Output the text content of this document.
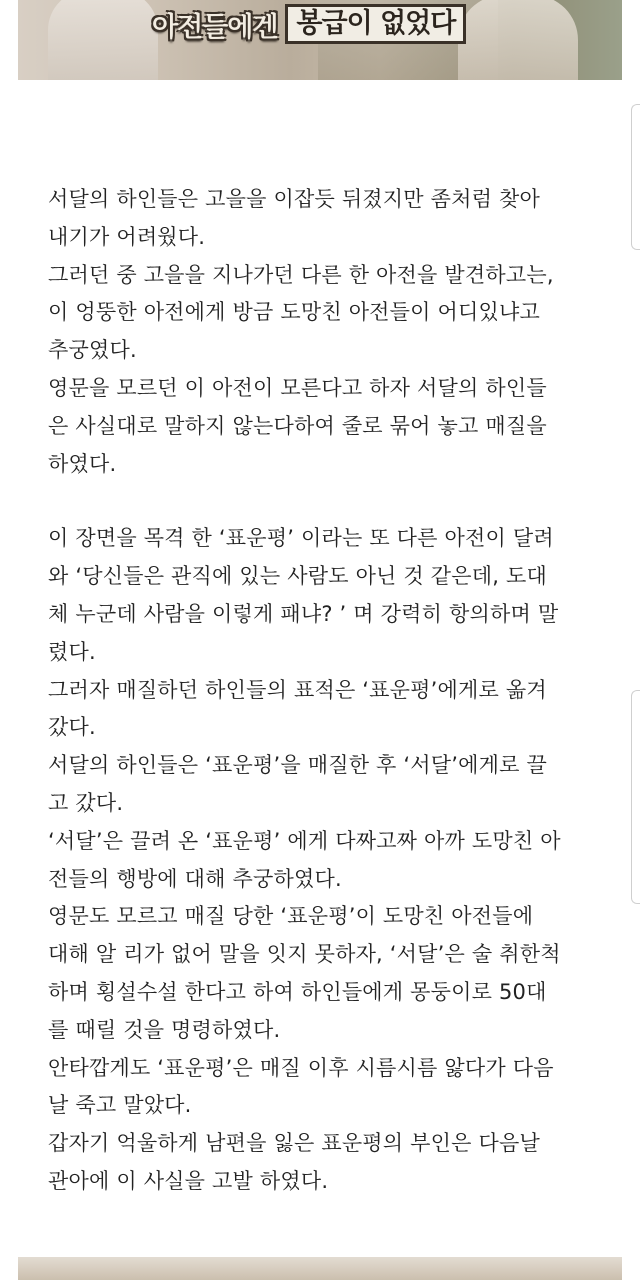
아전들에겐 봉급이 없었다

서달의 하인들은 고을을 이잡듯 뒤졌지만 좀처럼 찾아
내기가 어려웠다.

그러던 중 고을을 지나가던 다른 한 아전을 발견하고는,
이 엉뚱한 아전에게 방금 도망친 아전들이 어디있냐고
추궁였다.

영문을 모르던 이 아전이 모른다고 하자 서달의 하인들
은 사실대로 말하지 않는다하여 줄로 묶어 놓고 매질을
하였다.

이 장면을 목격 한 ‘표운평’ 이라는 또 다른 아전이 달려
와 ‘당신들은 관직에 있는 사람도 아닌 것 같은데, 도대
체 누군데 사람을 이렇게 패냐? ’ 며 강력히 항의하며 말
렸다.

그러자 매질하던 하인들의 표적은 ‘표운평’에게로 옮겨
갔다.

서달의 하인들은 ‘표운평’을 매질한 후 ‘서달’에게로 끌
고 갔다.

‘서달’은 끌려 온 ‘표운평’ 에게 다짜고짜 아까 도망친 아
전들의 행방에 대해 추궁하였다.

영문도 모르고 매질 당한 ‘표운평’이 도망친 아전들에
대해 알 리가 없어 말을 잇지 못하자, ‘서달’은 술 취한척
하며 횡설수설 한다고 하여 하인들에게 몽둥이로 50대
를 때릴 것을 명령하였다.

안타깝게도 ‘표운평’은 매질 이후 시름시름 앓다가 다음
날 죽고 말았다.

갑자기 억울하게 남편을 잃은 표운평의 부인은 다음날
관아에 이 사실을 고발 하였다.
